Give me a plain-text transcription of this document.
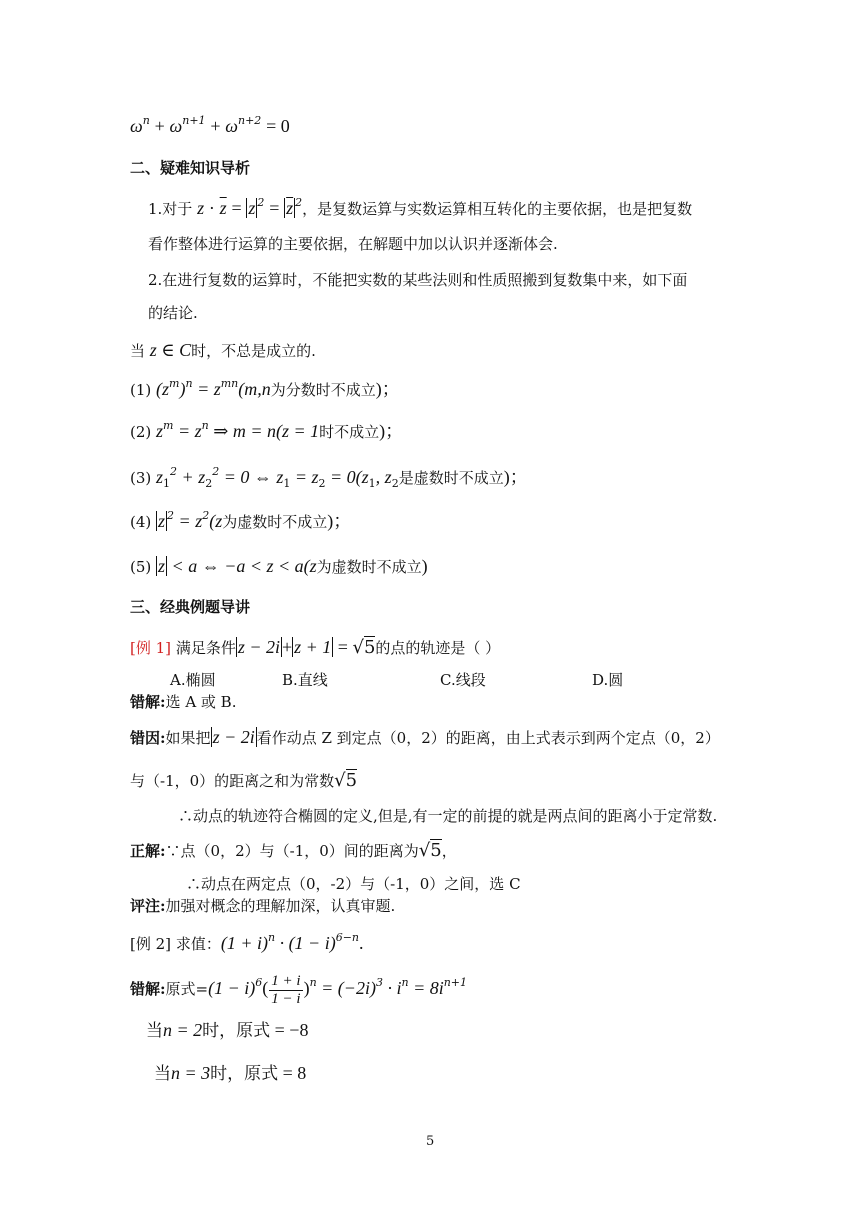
$\omega^n + \omega^{n+1} + \omega^{n+2} = 0$
二、疑难知识导析
1.对于 $z \cdot \overline{z} = z$ $^2 = \overline{z}$ $^2$，是复数运算与实数运算相互转化的主要依据，也是把复数
看作整体进行运算的主要依据，在解题中加以认识并逐渐体会.
2.在进行复数的运算时，不能把实数的某些法则和性质照搬到复数集中来，如下面
的结论.
当 z ∈ C时，不总是成立的.
(1) $(z^m)^n = z^{mn}(m,n$为分数时不成立)；
(2) $z^m = z^n$ ⇒ m = n(z = 1时不成立)；
(3) $z_1^2 + z_2^2 = 0$ ⇔ $z_1 = z_2 = 0(z_1$, $z_2$是虚数时不成立)；
(4) z $^2 = z^2(z$为虚数时不成立)；
(5) z < a ⇔ −a < z < a(z为虚数时不成立)
三、经典例题导讲
[例 1] 满足条件 z − 2i + z + 1 = √5的点的轨迹是（ ）
A.椭圆	B.直线	C.线段	D.圆
错解:选 A 或 B.
错因:如果把 z − 2i 看作动点 Z 到定点（0，2）的距离，由上式表示到两个定点（0，2）
与（-1，0）的距离之和为常数√5
∴动点的轨迹符合椭圆的定义,但是,有一定的前提的就是两点间的距离小于定常数.
正解:∵点（0，2）与（-1，0）间的距离为√5，
∴动点在两定点（0，-2）与（-1，0）之间，选 C
评注:加强对概念的理解加深，认真审题.
[例 2] 求值：$(1 + i)^n \cdot (1 - i)^{6-n}$.
错解:原式$=(1 - i)^6( \frac{1 + i}{1 - i} )^n = (-2i)^3 \cdot i^n = 8i^{n+1}$
当n = 2时，原式 = −8
当n = 3时，原式 = 8
5
